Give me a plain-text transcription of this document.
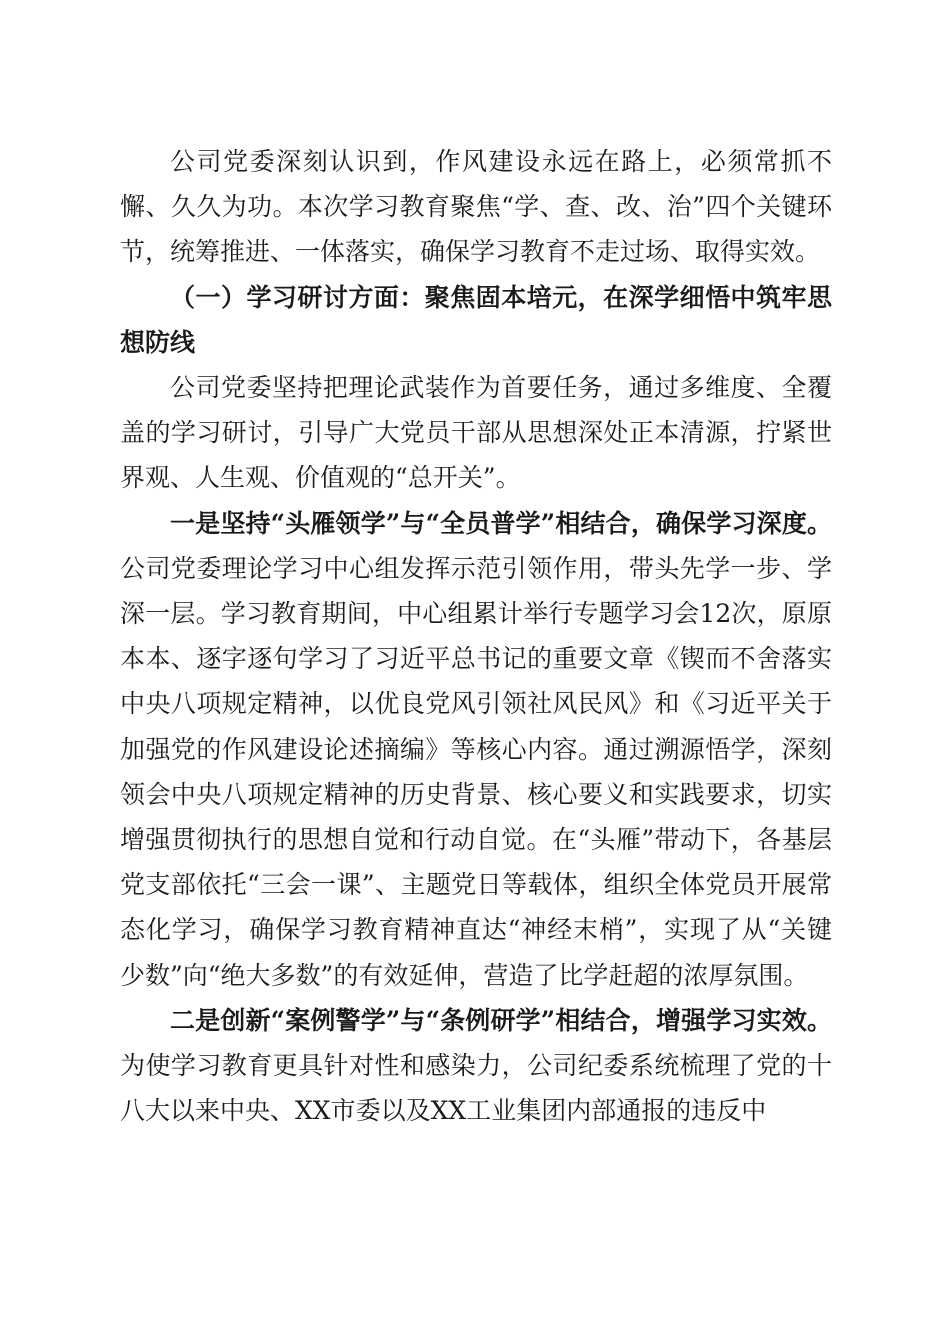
公司党委深刻认识到，作风建设永远在路上，必须常抓不懈、久久为功。本次学习教育聚焦“学、查、改、治”四个关键环节，统筹推进、一体落实，确保学习教育不走过场、取得实效。

（一）学习研讨方面：聚焦固本培元，在深学细悟中筑牢思想防线

公司党委坚持把理论武装作为首要任务，通过多维度、全覆盖的学习研讨，引导广大党员干部从思想深处正本清源，拧紧世界观、人生观、价值观的“总开关”。

一是坚持“头雁领学”与“全员普学”相结合，确保学习深度。公司党委理论学习中心组发挥示范引领作用，带头先学一步、学深一层。学习教育期间，中心组累计举行专题学习会12次，原原本本、逐字逐句学习了习近平总书记的重要文章《锲而不舍落实中央八项规定精神，以优良党风引领社风民风》和《习近平关于加强党的作风建设论述摘编》等核心内容。通过溯源悟学，深刻领会中央八项规定精神的历史背景、核心要义和实践要求，切实增强贯彻执行的思想自觉和行动自觉。在“头雁”带动下，各基层党支部依托“三会一课”、主题党日等载体，组织全体党员开展常态化学习，确保学习教育精神直达“神经末梢”，实现了从“关键少数”向“绝大多数”的有效延伸，营造了比学赶超的浓厚氛围。

二是创新“案例警学”与“条例研学”相结合，增强学习实效。为使学习教育更具针对性和感染力，公司纪委系统梳理了党的十八大以来中央、XX市委以及XX工业集团内部通报的违反中
